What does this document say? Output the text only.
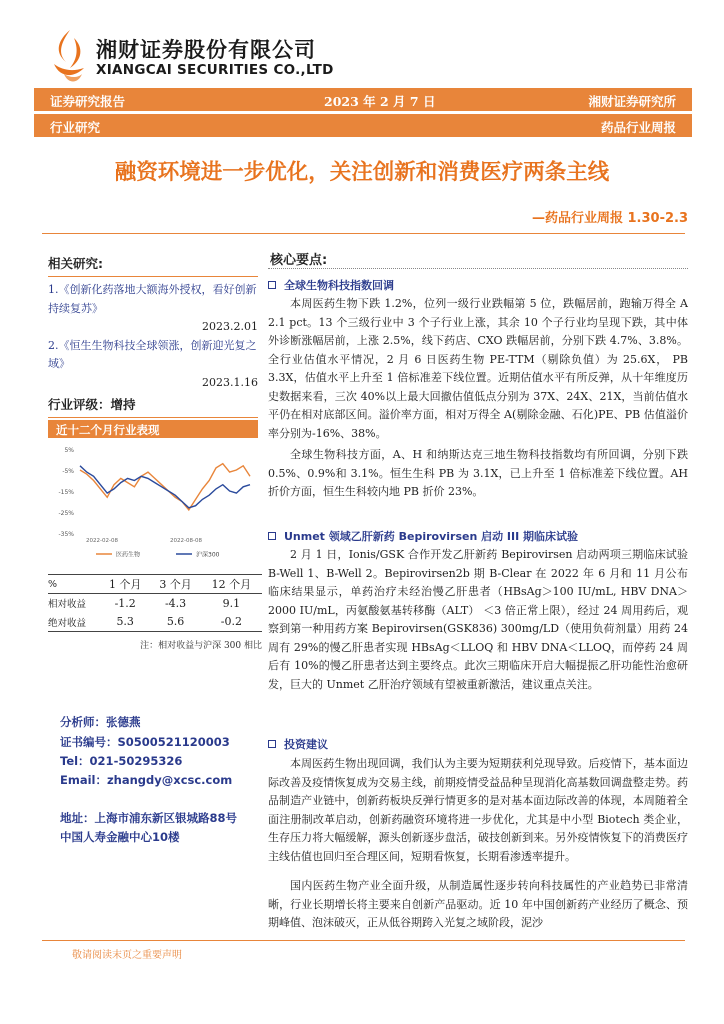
湘财证券股份有限公司
XIANGCAI SECURITIES CO.,LTD
证券研究报告	2023 年 2 月 7 日	湘财证券研究所
行业研究	药品行业周报
融资环境进一步优化，关注创新和消费医疗两条主线
—药品行业周报 1.30-2.3
相关研究:
1.《创新化药落地大额海外授权，看好创新持续复苏》
2023.2.01
2.《恒生生物科技全球领涨，创新迎光复之域》
2023.1.16
行业评级：增持
近十二个月行业表现
5%
-5%
-15%
-25%
-35%
2022-02-08	2022-08-08
医药生物	沪深300
%	1 个月	3 个月	12 个月
相对收益	-1.2	-4.3	9.1
绝对收益	5.3	5.6	-0.2
注：相对收益与沪深 300 相比
分析师：张德燕
证书编号：S0500521120003
Tel：021-50295326
Email：zhangdy@xcsc.com
地址：上海市浦东新区银城路88号
中国人寿金融中心10楼
核心要点:
全球生物科技指数回调
本周医药生物下跌 1.2%，位列一级行业跌幅第 5 位，跌幅居前，跑输万得全 A 2.1 pct。13 个三级行业中 3 个子行业上涨，其余 10 个子行业均呈现下跌，其中体外诊断涨幅居前，上涨 2.5%，线下药店、CXO 跌幅居前，分别下跌 4.7%、3.8%。全行业估值水平情况，2 月 6 日医药生物 PE-TTM（剔除负值）为 25.6X， PB 3.3X，估值水平上升至 1 倍标准差下线位置。近期估值水平有所反弹，从十年维度历史数据来看，三次 40%以上最大回撤估值低点分别为 37X、24X、21X，当前估值水平仍在相对底部区间。溢价率方面，相对万得全 A(剔除金融、石化)PE、PB 估值溢价率分别为-16%、38%。
全球生物科技方面，A、H 和纳斯达克三地生物科技指数均有所回调，分别下跌 0.5%、0.9%和 3.1%。恒生生科 PB 为 3.1X，已上升至 1 倍标准差下线位置。AH 折价方面，恒生生科较内地 PB 折价 23%。
Unmet 领域乙肝新药 Bepirovirsen 启动 III 期临床试验
2 月 1 日，Ionis/GSK 合作开发乙肝新药 Bepirovirsen 启动两项三期临床试验 B-Well 1、B-Well 2。Bepirovirsen2b 期 B-Clear 在 2022 年 6 月和 11 月公布临床结果显示，单药治疗未经治慢乙肝患者（HBsAg＞100 IU/mL, HBV DNA＞2000 IU/mL，丙氨酸氨基转移酶（ALT） ＜3 倍正常上限），经过 24 周用药后，观察到第一种用药方案 Bepirovirsen(GSK836) 300mg/LD（使用负荷剂量）用药 24 周有 29%的慢乙肝患者实现 HBsAg＜LLOQ 和 HBV DNA＜LLOQ，而停药 24 周后有 10%的慢乙肝患者达到主要终点。此次三期临床开启大幅提振乙肝功能性治愈研发，巨大的 Unmet 乙肝治疗领域有望被重新激活，建议重点关注。
投资建议
本周医药生物出现回调，我们认为主要为短期获利兑现导致。后疫情下，基本面边际改善及疫情恢复成为交易主线，前期疫情受益品种呈现消化高基数回调盘整走势。药品制造产业链中，创新药板块反弹行情更多的是对基本面边际改善的体现，本周随着全面注册制改革启动，创新药融资环境将进一步优化，尤其是中小型 Biotech 类企业，生存压力将大幅缓解，源头创新逐步盘活，破技创新到来。另外疫情恢复下的消费医疗主线估值也回归至合理区间，短期看恢复，长期看渗透率提升。
国内医药生物产业全面升级，从制造属性逐步转向科技属性的产业趋势已非常清晰，行业长期增长将主要来自创新产品驱动。近 10 年中国创新药产业经历了概念、预期峰值、泡沫破灭，正从低谷期跨入光复之域阶段，泥沙
敬请阅读末页之重要声明
